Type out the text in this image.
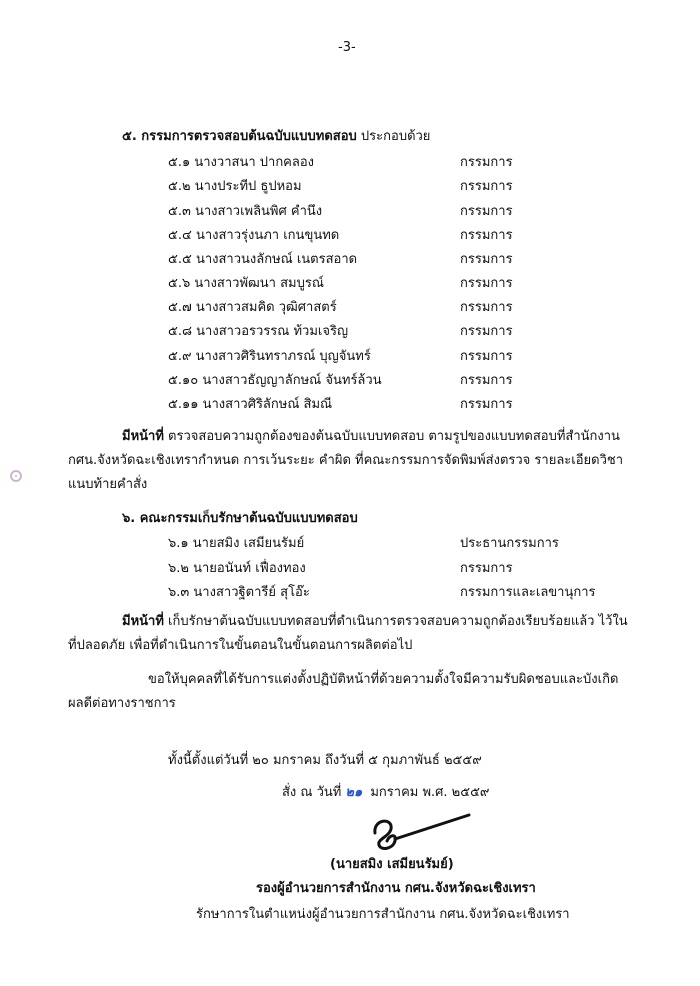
-3-
๕. กรรมการตรวจสอบต้นฉบับแบบทดสอบ ประกอบด้วย
๕.๑ นางวาสนา ปากคลอง	กรรมการ
๕.๒ นางประทีป ธูปหอม	กรรมการ
๕.๓ นางสาวเพลินพิศ คำนึง	กรรมการ
๕.๔ นางสาวรุ่งนภา เกนขุนทด	กรรมการ
๕.๕ นางสาวนงลักษณ์ เนตรสอาด	กรรมการ
๕.๖ นางสาวพัฒนา สมบูรณ์	กรรมการ
๕.๗ นางสาวสมคิด วุฒิศาสตร์	กรรมการ
๕.๘ นางสาวอรวรรณ ท้วมเจริญ	กรรมการ
๕.๙ นางสาวศิรินทราภรณ์ บุญจันทร์	กรรมการ
๕.๑๐ นางสาวธัญญาลักษณ์ จันทร์ล้วน	กรรมการ
๕.๑๑ นางสาวศิริลักษณ์ สิมณี	กรรมการ
มีหน้าที่ ตรวจสอบความถูกต้องของต้นฉบับแบบทดสอบ ตามรูปของแบบทดสอบที่สำนักงาน กศน.จังหวัดฉะเชิงเทรากำหนด การเว้นระยะ คำผิด ที่คณะกรรมการจัดพิมพ์ส่งตรวจ รายละเอียดวิชาแนบท้ายคำสั่ง
๖. คณะกรรมเก็บรักษาต้นฉบับแบบทดสอบ
๖.๑ นายสมิง เสมียนรัมย์	ประธานกรรมการ
๖.๒ นายอนันท์ เฟื่องทอง	กรรมการ
๖.๓ นางสาวฐิตารีย์ สุโอ๊ะ	กรรมการและเลขานุการ
มีหน้าที่ เก็บรักษาต้นฉบับแบบทดสอบที่ดำเนินการตรวจสอบความถูกต้องเรียบร้อยแล้ว ไว้ในที่ปลอดภัย เพื่อที่ดำเนินการในขั้นตอนในขั้นตอนการผลิตต่อไป
ขอให้บุคคลที่ได้รับการแต่งตั้งปฏิบัติหน้าที่ด้วยความตั้งใจมีความรับผิดชอบและบังเกิดผลดีต่อทางราชการ
ทั้งนี้ตั้งแต่วันที่ ๒๐ มกราคม ถึงวันที่ ๕ กุมภาพันธ์ ๒๕๕๙
สั่ง ณ วันที่ ๒๑ มกราคม พ.ศ. ๒๕๕๙
(นายสมิง เสมียนรัมย์)
รองผู้อำนวยการสำนักงาน กศน.จังหวัดฉะเชิงเทรา
รักษาการในตำแหน่งผู้อำนวยการสำนักงาน กศน.จังหวัดฉะเชิงเทรา
